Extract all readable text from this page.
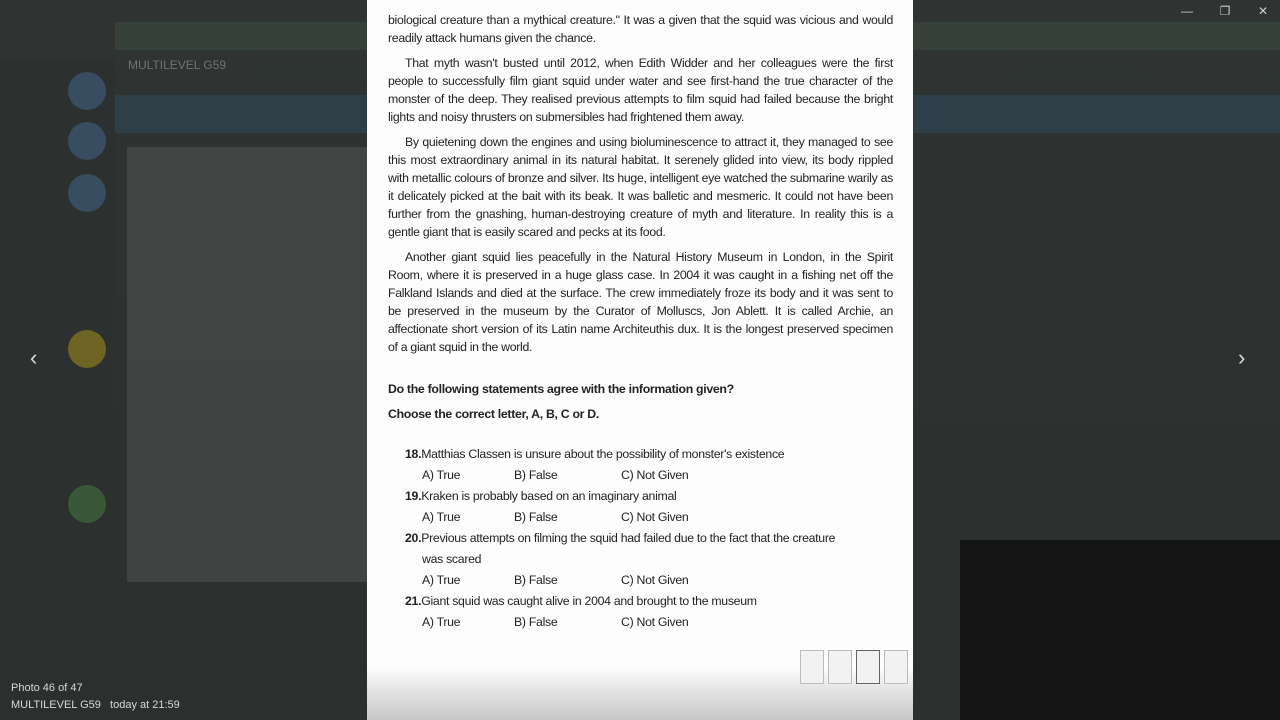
MULTILEVEL G59
—	❐	✕
‹	›

biological creature than a mythical creature." It was a given that the squid was vicious and would readily attack humans given the chance.

That myth wasn't busted until 2012, when Edith Widder and her colleagues were the first people to successfully film giant squid under water and see first-hand the true character of the monster of the deep. They realised previous attempts to film squid had failed because the bright lights and noisy thrusters on submersibles had frightened them away.

By quietening down the engines and using bioluminescence to attract it, they managed to see this most extraordinary animal in its natural habitat. It serenely glided into view, its body rippled with metallic colours of bronze and silver. Its huge, intelligent eye watched the submarine warily as it delicately picked at the bait with its beak. It was balletic and mesmeric. It could not have been further from the gnashing, human-destroying creature of myth and literature. In reality this is a gentle giant that is easily scared and pecks at its food.

Another giant squid lies peacefully in the Natural History Museum in London, in the Spirit Room, where it is preserved in a huge glass case. In 2004 it was caught in a fishing net off the Falkland Islands and died at the surface. The crew immediately froze its body and it was sent to be preserved in the museum by the Curator of Molluscs, Jon Ablett. It is called Archie, an affectionate short version of its Latin name Architeuthis dux. It is the longest preserved specimen of a giant squid in the world.

Do the following statements agree with the information given?
Choose the correct letter, A, B, C or D.
18.Matthias Classen is unsure about the possibility of monster's existence
A) True	B) False	C) Not Given
19.Kraken is probably based on an imaginary animal
A) True	B) False	C) Not Given
20.Previous attempts on filming the squid had failed due to the fact that the creature
was scared
A) True	B) False	C) Not Given
21.Giant squid was caught alive in 2004 and brought to the museum
A) True	B) False	C) Not Given
Photo 46 of 47
MULTILEVEL G59 today at 21:59
